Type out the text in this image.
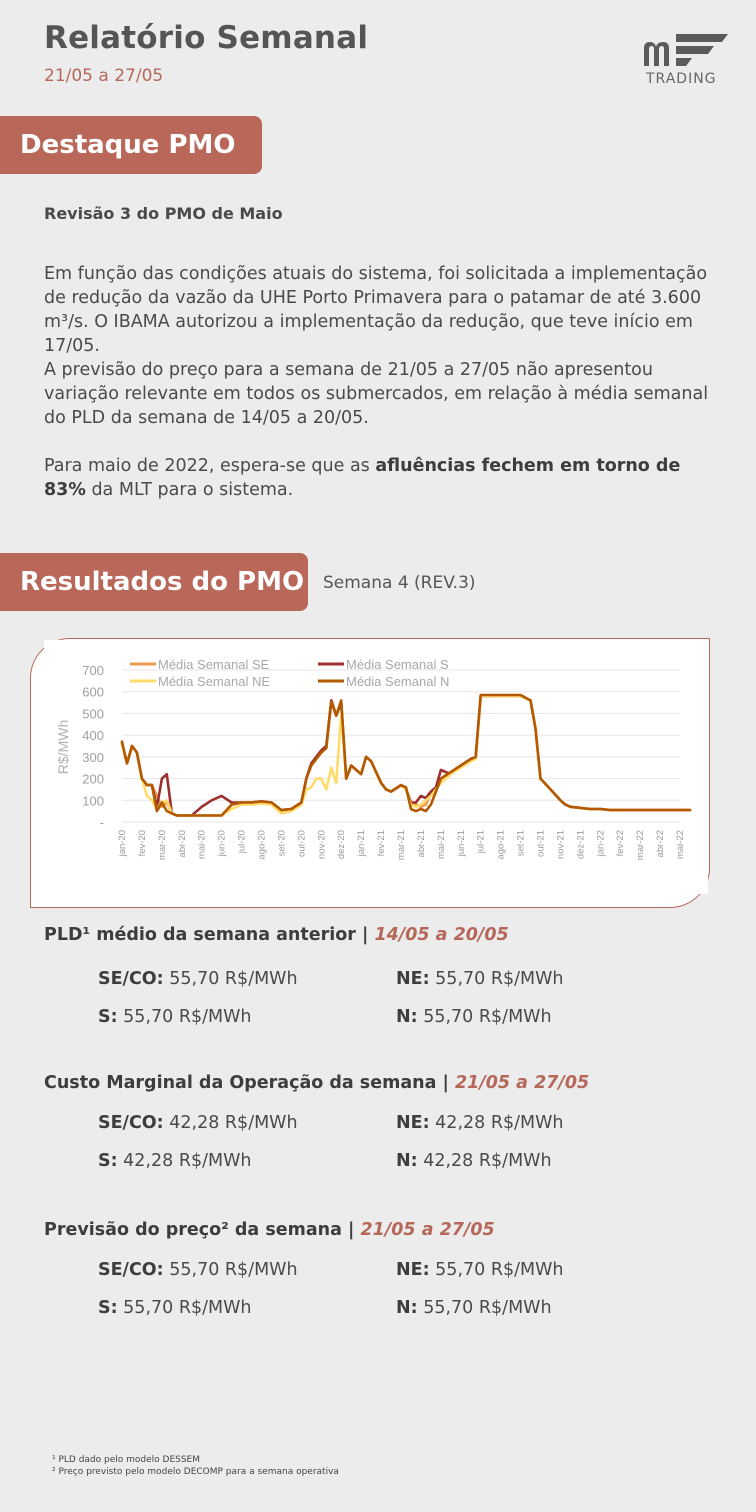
Relatório Semanal
21/05 a 27/05	TRADING
Destaque PMO
Revisão 3 do PMO de Maio
Em função das condições atuais do sistema, foi solicitada a implementação de redução da vazão da UHE Porto Primavera para o patamar de até 3.600 m³/s. O IBAMA autorizou a implementação da redução, que teve início em 17/05.
A previsão do preço para a semana de 21/05 a 27/05 não apresentou variação relevante em todos os submercados, em relação à média semanal do PLD da semana de 14/05 a 20/05.
Para maio de 2022, espera-se que as afluências fechem em torno de 83% da MLT para o sistema.
Resultados do PMO Semana 4 (REV.3)
-
100
200
300
400
500
600
700
R$/MWh
jan-20 fev-20 mar-20 abr-20 mai-20 jun-20 jul-20 ago-20 set-20 out-20 nov-20 dez-20 jan-21 fev-21 mar-21 abr-21 mai-21 jun-21 jul-21 ago-21 set-21 out-21 nov-21 dez-21 jan-22 fev-22 mar-22 abr-22 mai-22
Média Semanal SE	Média Semanal S
Média Semanal NE	Média Semanal N
PLD¹ médio da semana anterior | 14/05 a 20/05
SE/CO: 55,70 R$/MWh	NE: 55,70 R$/MWh
S: 55,70 R$/MWh	N: 55,70 R$/MWh
Custo Marginal da Operação da semana | 21/05 a 27/05
SE/CO: 42,28 R$/MWh	NE: 42,28 R$/MWh
S: 42,28 R$/MWh	N: 42,28 R$/MWh
Previsão do preço² da semana | 21/05 a 27/05
SE/CO: 55,70 R$/MWh	NE: 55,70 R$/MWh
S: 55,70 R$/MWh	N: 55,70 R$/MWh
¹ PLD dado pelo modelo DESSEM
² Preço previsto pelo modelo DECOMP para a semana operativa
